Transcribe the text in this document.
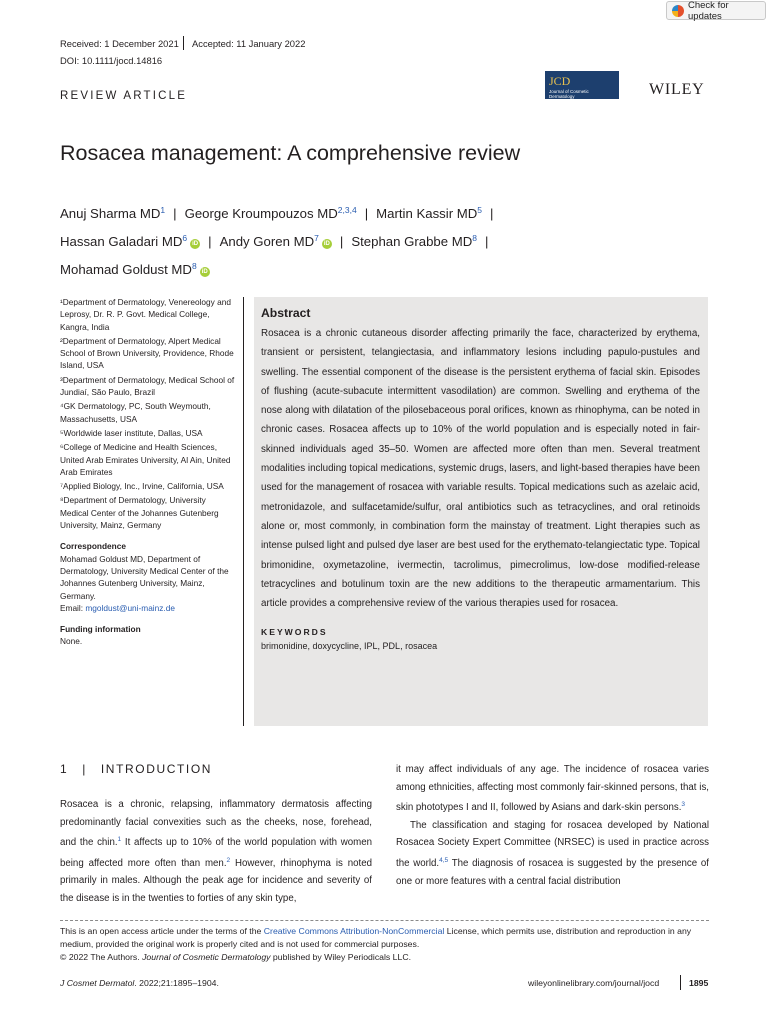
Check for updates
Received: 1 December 2021 Accepted: 11 January 2022
DOI: 10.1111/jocd.14816
REVIEW ARTICLE
JCD
Journal of Cosmetic Dermatology	WILEY
Rosacea management: A comprehensive review
Anuj Sharma $MD^1$ | George Kroumpouzos MD$^{2,3,4}$ | Martin Kassir $MD^5$ |
Hassan Galadari $MD^6iD$ | Andy Goren $MD^7iD$ | Stephan Grabbe $MD^8$ |
Mohamad Goldust $MD^8iD$
¹Department of Dermatology, Venereology and Leprosy, Dr. R. P. Govt. Medical College, Kangra, India
²Department of Dermatology, Alpert Medical School of Brown University, Providence, Rhode Island, USA
³Department of Dermatology, Medical School of Jundiaí, São Paulo, Brazil
⁴GK Dermatology, PC, South Weymouth, Massachusetts, USA
⁵Worldwide laser institute, Dallas, USA
⁶College of Medicine and Health Sciences, United Arab Emirates University, Al Ain, United Arab Emirates
⁷Applied Biology, Inc., Irvine, California, USA
⁸Department of Dermatology, University Medical Center of the Johannes Gutenberg University, Mainz, Germany
Correspondence
Mohamad Goldust MD, Department of Dermatology, University Medical Center of the Johannes Gutenberg University, Mainz, Germany.
Email: mgoldust@uni-mainz.de
Funding information
None.
Abstract

Rosacea is a chronic cutaneous disorder affecting primarily the face, characterized by erythema, transient or persistent, telangiectasia, and inflammatory lesions including papulo-pustules and swelling. The essential component of the disease is the persistent erythema of facial skin. Episodes of flushing (acute-subacute intermittent vasodilation) are common. Swelling and erythema of the nose along with dilatation of the pilosebaceous poral orifices, known as rhinophyma, can be noted in chronic cases. Rosacea affects up to 10% of the world population and is especially noted in fair-skinned individuals aged 35–50. Women are affected more often than men. Several treatment modalities including topical medications, systemic drugs, lasers, and light-based therapies have been used for the management of rosacea with variable results. Topical medications such as azelaic acid, metronidazole, and sulfacetamide/sulfur, oral antibiotics such as tetracyclines, and oral retinoids alone or, most commonly, in combination form the mainstay of treatment. Light therapies such as intense pulsed light and pulsed dye laser are best used for the erythemato-telangiectatic type. Topical brimonidine, oxymetazoline, ivermectin, tacrolimus, pimecrolimus, low-dose modified-release tetracyclines and botulinum toxin are the new additions to the therapeutic armamentarium. This article provides a comprehensive review of the various therapies used for rosacea.

KEYWORDS
brimonidine, doxycycline, IPL, PDL, rosacea
1 | INTRODUCTION
Rosacea is a chronic, relapsing, inflammatory dermatosis affecting predominantly facial convexities such as the cheeks, nose, forehead, and the chin.$^1$ It affects up to 10% of the world population with women being affected more often than men.$^2$ However, rhinophyma is noted primarily in males. Although the peak age for incidence and severity of the disease is in the twenties to forties of any skin type,
it may affect individuals of any age. The incidence of rosacea varies among ethnicities, affecting most commonly fair-skinned persons, that is, skin phototypes I and II, followed by Asians and dark-skin persons.$^3$
The classification and staging for rosacea developed by National Rosacea Society Expert Committee (NRSEC) is used in practice across the world.$^{4,5}$ The diagnosis of rosacea is suggested by the presence of one or more features with a central facial distribution
This is an open access article under the terms of the Creative Commons Attribution-NonCommercial License, which permits use, distribution and reproduction in any medium, provided the original work is properly cited and is not used for commercial purposes.
© 2022 The Authors. Journal of Cosmetic Dermatology published by Wiley Periodicals LLC.
J Cosmet Dermatol. 2022;21:1895–1904.	wileyonlinelibrary.com/journal/jocd	1895
